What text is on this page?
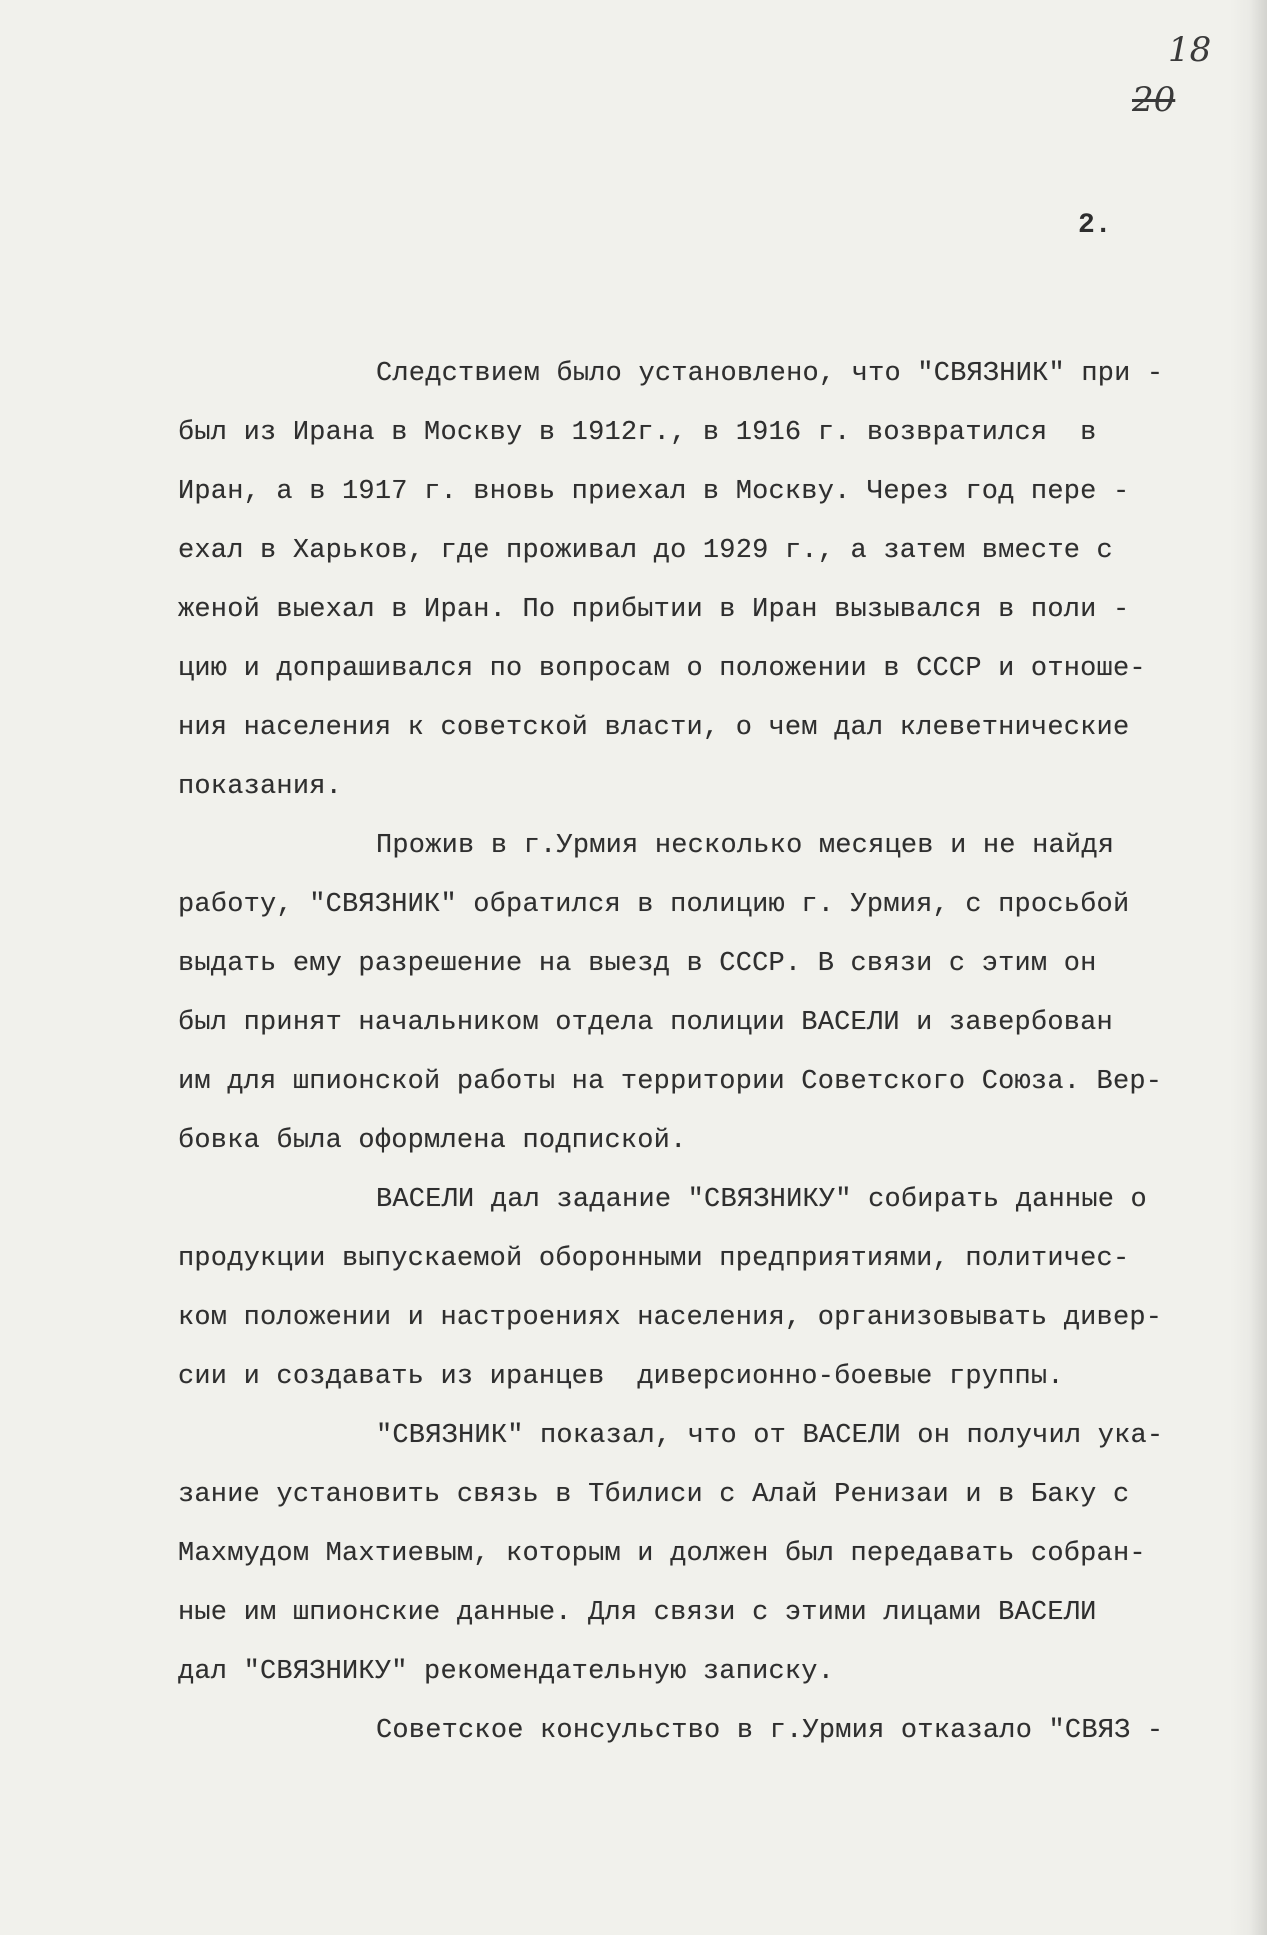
18
20
2.
Следствием было установлено, что "СВЯЗНИК" при -
был из Ирана в Москву в 1912г., в 1916 г. возвратился  в
Иран, а в 1917 г. вновь приехал в Москву. Через год пере -
ехал в Харьков, где проживал до 1929 г., а затем вместе с
женой выехал в Иран. По прибытии в Иран вызывался в поли -
цию и допрашивался по вопросам о положении в СССР и отноше-
ния населения к советской власти, о чем дал клеветнические
показания.
Прожив в г.Урмия несколько месяцев и не найдя
работу, "СВЯЗНИК" обратился в полицию г. Урмия, с просьбой
выдать ему разрешение на выезд в СССР. В связи с этим он
был принят начальником отдела полиции ВАСЕЛИ и завербован
им для шпионской работы на территории Советского Союза. Вер-
бовка была оформлена подпиской.
ВАСЕЛИ дал задание "СВЯЗНИКУ" собирать данные о
продукции выпускаемой оборонными предприятиями, политичес-
ком положении и настроениях населения, организовывать дивер-
сии и создавать из иранцев  диверсионно-боевые группы.
"СВЯЗНИК" показал, что от ВАСЕЛИ он получил ука-
зание установить связь в Тбилиси с Алай Ренизаи и в Баку с
Махмудом Махтиевым, которым и должен был передавать собран-
ные им шпионские данные. Для связи с этими лицами ВАСЕЛИ
дал "СВЯЗНИКУ" рекомендательную записку.
Советское консульство в г.Урмия отказало "СВЯЗ -
